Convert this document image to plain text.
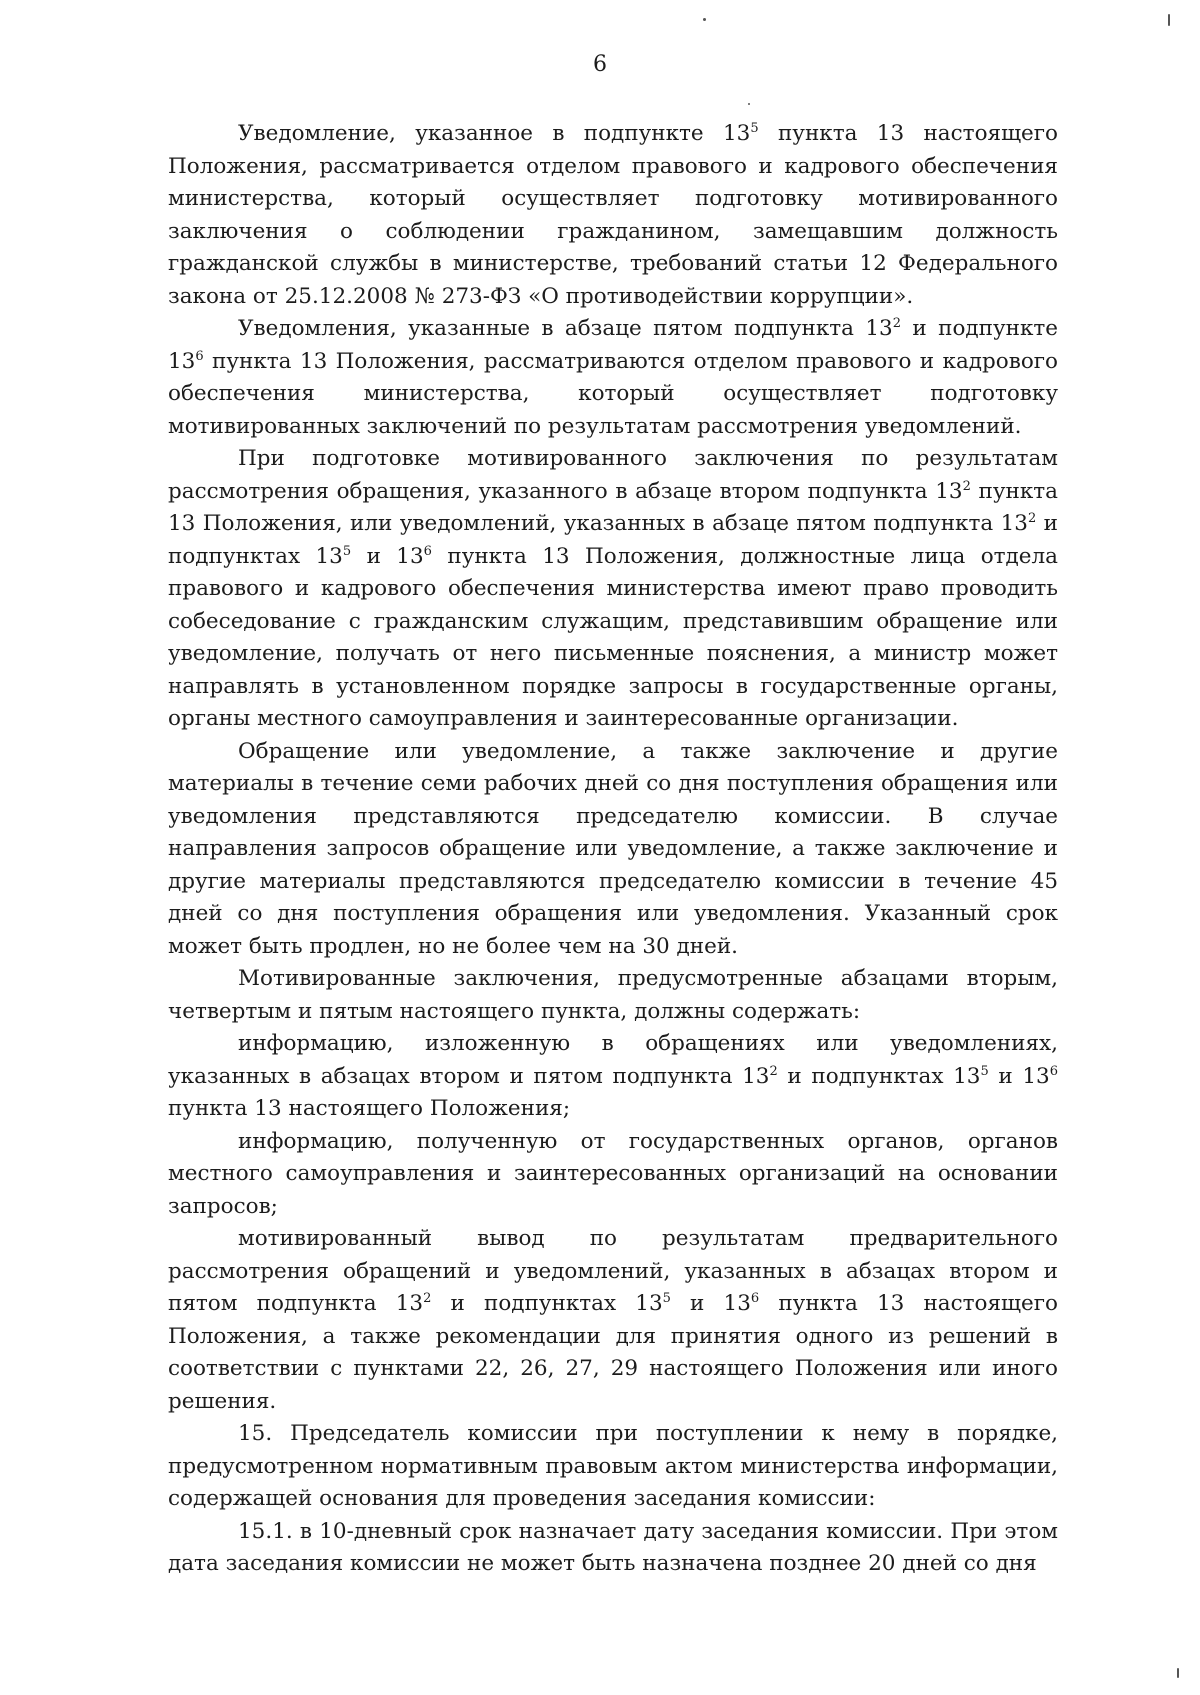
6

Уведомление, указанное в подпункте $13^5$ пункта 13 настоящего Положения, рассматривается отделом правового и кадрового обеспечения министерства, который осуществляет подготовку мотивированного заключения о соблюдении гражданином, замещавшим должность гражданской службы в министерстве, требований статьи 12 Федерального закона от 25.12.2008 № 273-ФЗ «О противодействии коррупции».

Уведомления, указанные в абзаце пятом подпункта $13^2$ и подпункте $13^6$ пункта 13 Положения, рассматриваются отделом правового и кадрового обеспечения министерства, который осуществляет подготовку мотивированных заключений по результатам рассмотрения уведомлений.

При подготовке мотивированного заключения по результатам рассмотрения обращения, указанного в абзаце втором подпункта $13^2$ пункта 13 Положения, или уведомлений, указанных в абзаце пятом подпункта $13^2$ и подпунктах $13^5$ и $13^6$ пункта 13 Положения, должностные лица отдела правового и кадрового обеспечения министерства имеют право проводить собеседование с гражданским служащим, представившим обращение или уведомление, получать от него письменные пояснения, а министр может направлять в установленном порядке запросы в государственные органы, органы местного самоуправления и заинтересованные организации.

Обращение или уведомление, а также заключение и другие материалы в течение семи рабочих дней со дня поступления обращения или уведомления представляются председателю комиссии. В случае направления запросов обращение или уведомление, а также заключение и другие материалы представляются председателю комиссии в течение 45 дней со дня поступления обращения или уведомления. Указанный срок может быть продлен, но не более чем на 30 дней.

Мотивированные заключения, предусмотренные абзацами вторым, четвертым и пятым настоящего пункта, должны содержать:

информацию, изложенную в обращениях или уведомлениях, указанных в абзацах втором и пятом подпункта $13^2$ и подпунктах $13^5$ и $13^6$ пункта 13 настоящего Положения;

информацию, полученную от государственных органов, органов местного самоуправления и заинтересованных организаций на основании запросов;

мотивированный вывод по результатам предварительного рассмотрения обращений и уведомлений, указанных в абзацах втором и пятом подпункта $13^2$ и подпунктах $13^5$ и $13^6$ пункта 13 настоящего Положения, а также рекомендации для принятия одного из решений в соответствии с пунктами 22, 26, 27, 29 настоящего Положения или иного решения.

15. Председатель комиссии при поступлении к нему в порядке, предусмотренном нормативным правовым актом министерства информации, содержащей основания для проведения заседания комиссии:

15.1. в 10-дневный срок назначает дату заседания комиссии. При этом дата заседания комиссии не может быть назначена позднее 20 дней со дня
